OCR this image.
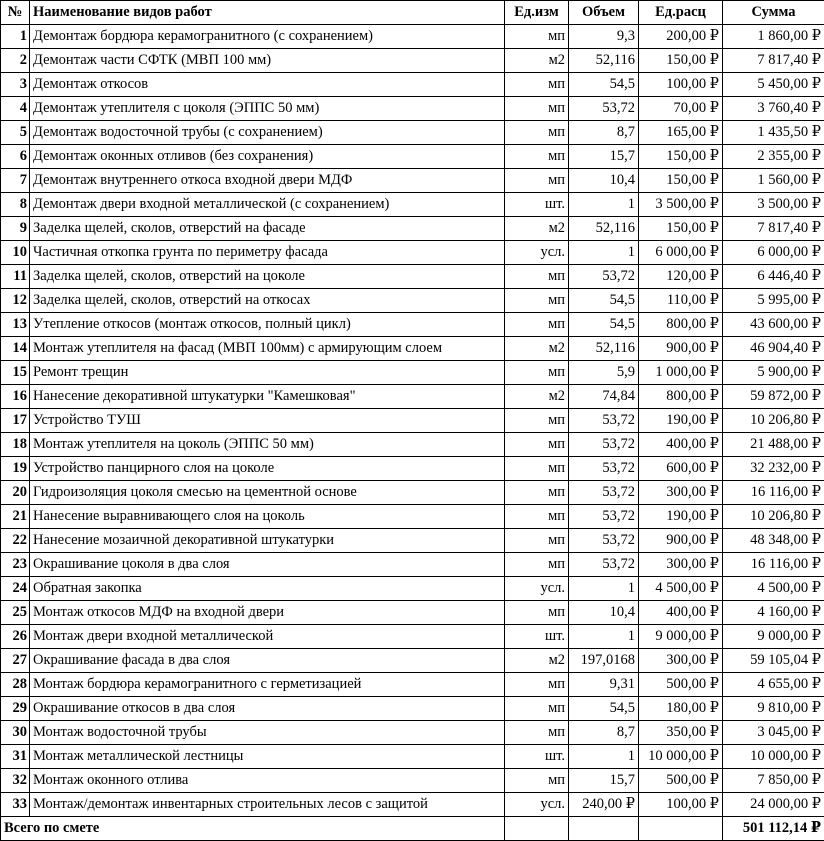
№	Наименование видов работ	Ед.изм	Объем	Ед.расц	Сумма
1	Демонтаж бордюра керамогранитного (с сохранением)	мп	9,3	200,00 ₽	1 860,00 ₽
2	Демонтаж части СФТК (МВП 100 мм)	м2	52,116	150,00 ₽	7 817,40 ₽
3	Демонтаж откосов	мп	54,5	100,00 ₽	5 450,00 ₽
4	Демонтаж утеплителя с цоколя (ЭППС 50 мм)	мп	53,72	70,00 ₽	3 760,40 ₽
5	Демонтаж водосточной трубы (с сохранением)	мп	8,7	165,00 ₽	1 435,50 ₽
6	Демонтаж оконных отливов (без сохранения)	мп	15,7	150,00 ₽	2 355,00 ₽
7	Демонтаж внутреннего откоса входной двери МДФ	мп	10,4	150,00 ₽	1 560,00 ₽
8	Демонтаж двери входной металлической (с сохранением)	шт.	1	3 500,00 ₽	3 500,00 ₽
9	Заделка щелей, сколов, отверстий на фасаде	м2	52,116	150,00 ₽	7 817,40 ₽
10	Частичная откопка грунта по периметру фасада	усл.	1	6 000,00 ₽	6 000,00 ₽
11	Заделка щелей, сколов, отверстий на цоколе	мп	53,72	120,00 ₽	6 446,40 ₽
12	Заделка щелей, сколов, отверстий на откосах	мп	54,5	110,00 ₽	5 995,00 ₽
13	Утепление откосов (монтаж откосов, полный цикл)	мп	54,5	800,00 ₽	43 600,00 ₽
14	Монтаж утеплителя на фасад (МВП 100мм) с армирующим слоем	м2	52,116	900,00 ₽	46 904,40 ₽
15	Ремонт трещин	мп	5,9	1 000,00 ₽	5 900,00 ₽
16	Нанесение декоративной штукатурки "Камешковая"	м2	74,84	800,00 ₽	59 872,00 ₽
17	Устройство ТУШ	мп	53,72	190,00 ₽	10 206,80 ₽
18	Монтаж утеплителя на цоколь (ЭППС 50 мм)	мп	53,72	400,00 ₽	21 488,00 ₽
19	Устройство панцирного слоя на цоколе	мп	53,72	600,00 ₽	32 232,00 ₽
20	Гидроизоляция цоколя смесью на цементной основе	мп	53,72	300,00 ₽	16 116,00 ₽
21	Нанесение выравнивающего слоя на цоколь	мп	53,72	190,00 ₽	10 206,80 ₽
22	Нанесение мозаичной декоративной штукатурки	мп	53,72	900,00 ₽	48 348,00 ₽
23	Окрашивание цоколя в два слоя	мп	53,72	300,00 ₽	16 116,00 ₽
24	Обратная закопка	усл.	1	4 500,00 ₽	4 500,00 ₽
25	Монтаж откосов МДФ на входной двери	мп	10,4	400,00 ₽	4 160,00 ₽
26	Монтаж двери входной металлической	шт.	1	9 000,00 ₽	9 000,00 ₽
27	Окрашивание фасада в два слоя	м2	197,0168	300,00 ₽	59 105,04 ₽
28	Монтаж бордюра керамогранитного с герметизацией	мп	9,31	500,00 ₽	4 655,00 ₽
29	Окрашивание откосов в два слоя	мп	54,5	180,00 ₽	9 810,00 ₽
30	Монтаж водосточной трубы	мп	8,7	350,00 ₽	3 045,00 ₽
31	Монтаж металлической лестницы	шт.	1	10 000,00 ₽	10 000,00 ₽
32	Монтаж оконного отлива	мп	15,7	500,00 ₽	7 850,00 ₽
33	Монтаж/демонтаж инвентарных строительных лесов с защитой	усл.	240,00 ₽	100,00 ₽	24 000,00 ₽
Всего по смете					501 112,14 ₽
